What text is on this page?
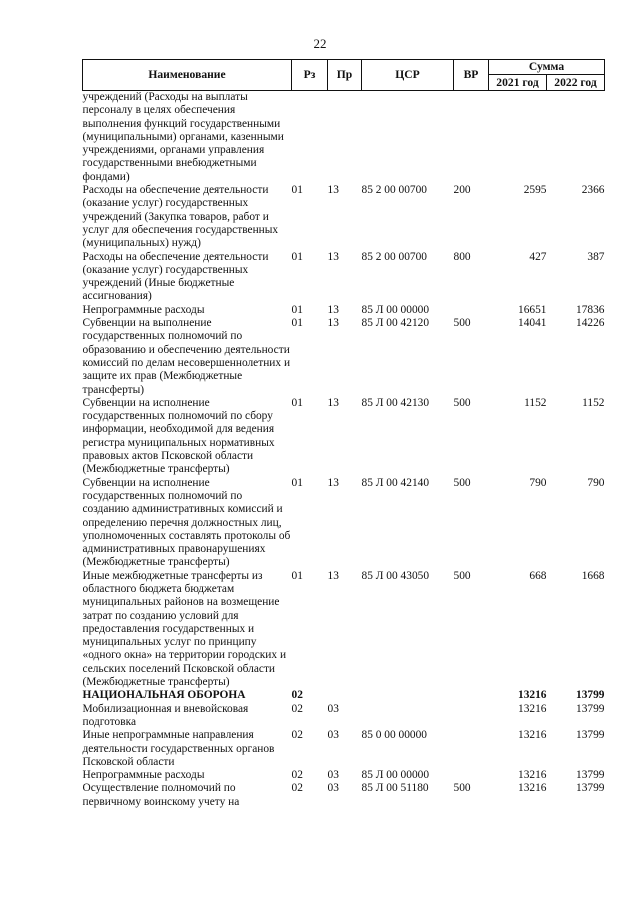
22
Наименование	Рз	Пр	ЦСР	ВР	Сумма	
					2021 год	2022 год
учреждений (Расходы на выплаты персоналу в целях обеспечения выполнения функций государственными (муниципальными) органами, казенными учреждениями, органами управления государственными внебюджетными фондами)						
Расходы на обеспечение деятельности (оказание услуг) государственных учреждений (Закупка товаров, работ и услуг для обеспечения государственных (муниципальных) нужд)	01	13	85 2 00 00700	200	2595	2366
Расходы на обеспечение деятельности (оказание услуг) государственных учреждений (Иные бюджетные ассигнования)	01	13	85 2 00 00700	800	427	387
Непрограммные расходы	01	13	85 Л 00 00000		16651	17836
Субвенции на выполнение государственных полномочий по образованию и обеспечению деятельности комиссий по делам несовершеннолетних и защите их прав (Межбюджетные трансферты)	01	13	85 Л 00 42120	500	14041	14226
Субвенции на исполнение государственных полномочий по сбору информации, необходимой для ведения регистра муниципальных нормативных правовых актов Псковской области (Межбюджетные трансферты)	01	13	85 Л 00 42130	500	1152	1152
Субвенции на исполнение государственных полномочий по созданию административных комиссий и определению перечня должностных лиц, уполномоченных составлять протоколы об административных правонарушениях (Межбюджетные трансферты)	01	13	85 Л 00 42140	500	790	790
Иные межбюджетные трансферты из областного бюджета бюджетам муниципальных районов на возмещение затрат по созданию условий для предоставления государственных и муниципальных услуг по принципу «одного окна» на территории городских и сельских поселений Псковской области (Межбюджетные трансферты)	01	13	85 Л 00 43050	500	668	1668
НАЦИОНАЛЬНАЯ ОБОРОНА	02				13216	13799
Мобилизационная и вневойсковая подготовка	02	03			13216	13799
Иные непрограммные направления деятельности государственных органов Псковской области	02	03	85 0 00 00000		13216	13799
Непрограммные расходы	02	03	85 Л 00 00000		13216	13799
Осуществление полномочий по первичному воинскому учету на	02	03	85 Л 00 51180	500	13216	13799
